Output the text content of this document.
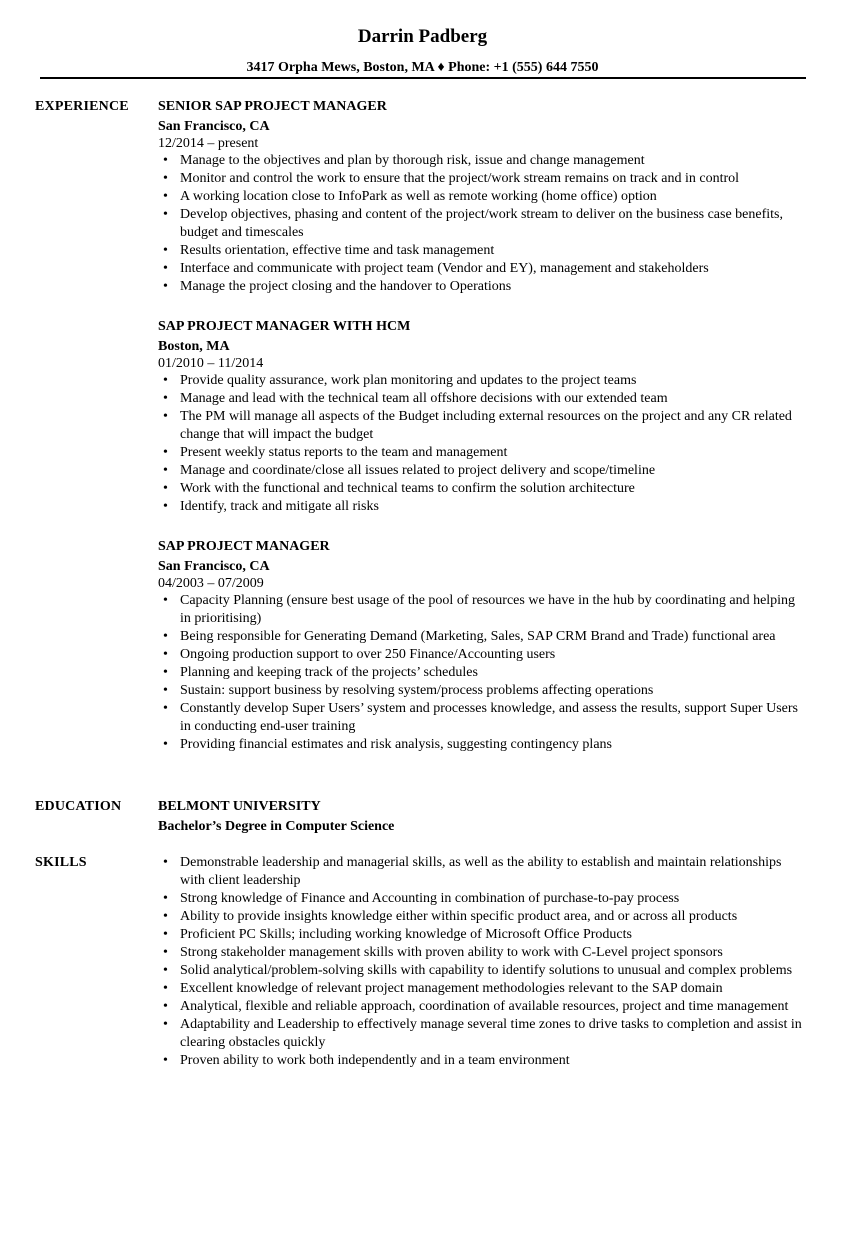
Darrin Padberg
3417 Orpha Mews, Boston, MA ♦ Phone: +1 (555) 644 7550
EXPERIENCE SENIOR SAP PROJECT MANAGER
San Francisco, CA
12/2014 – present
• Manage to the objectives and plan by thorough risk, issue and change management
• Monitor and control the work to ensure that the project/work stream remains on track and in control
• A working location close to InfoPark as well as remote working (home office) option
• Develop objectives, phasing and content of the project/work stream to deliver on the business case benefits, budget and timescales
• Results orientation, effective time and task management
• Interface and communicate with project team (Vendor and EY), management and stakeholders
• Manage the project closing and the handover to Operations
SAP PROJECT MANAGER WITH HCM
Boston, MA
01/2010 – 11/2014
• Provide quality assurance, work plan monitoring and updates to the project teams
• Manage and lead with the technical team all offshore decisions with our extended team
• The PM will manage all aspects of the Budget including external resources on the project and any CR related change that will impact the budget
• Present weekly status reports to the team and management
• Manage and coordinate/close all issues related to project delivery and scope/timeline
• Work with the functional and technical teams to confirm the solution architecture
• Identify, track and mitigate all risks
SAP PROJECT MANAGER
San Francisco, CA
04/2003 – 07/2009
• Capacity Planning (ensure best usage of the pool of resources we have in the hub by coordinating and helping in prioritising)
• Being responsible for Generating Demand (Marketing, Sales, SAP CRM Brand and Trade) functional area
• Ongoing production support to over 250 Finance/Accounting users
• Planning and keeping track of the projects’ schedules
• Sustain: support business by resolving system/process problems affecting operations
• Constantly develop Super Users’ system and processes knowledge, and assess the results, support Super Users in conducting end-user training
• Providing financial estimates and risk analysis, suggesting contingency plans
EDUCATION	BELMONT UNIVERSITY
Bachelor’s Degree in Computer Science
SKILLS
•	Demonstrable leadership and managerial skills, as well as the ability to establish and maintain relationships with client leadership
• Strong knowledge of Finance and Accounting in combination of purchase-to-pay process
• Ability to provide insights knowledge either within specific product area, and or across all products
• Proficient PC Skills; including working knowledge of Microsoft Office Products
• Strong stakeholder management skills with proven ability to work with C-Level project sponsors
• Solid analytical/problem-solving skills with capability to identify solutions to unusual and complex problems
• Excellent knowledge of relevant project management methodologies relevant to the SAP domain
• Analytical, flexible and reliable approach, coordination of available resources, project and time management
• Adaptability and Leadership to effectively manage several time zones to drive tasks to completion and assist in clearing obstacles quickly
• Proven ability to work both independently and in a team environment
